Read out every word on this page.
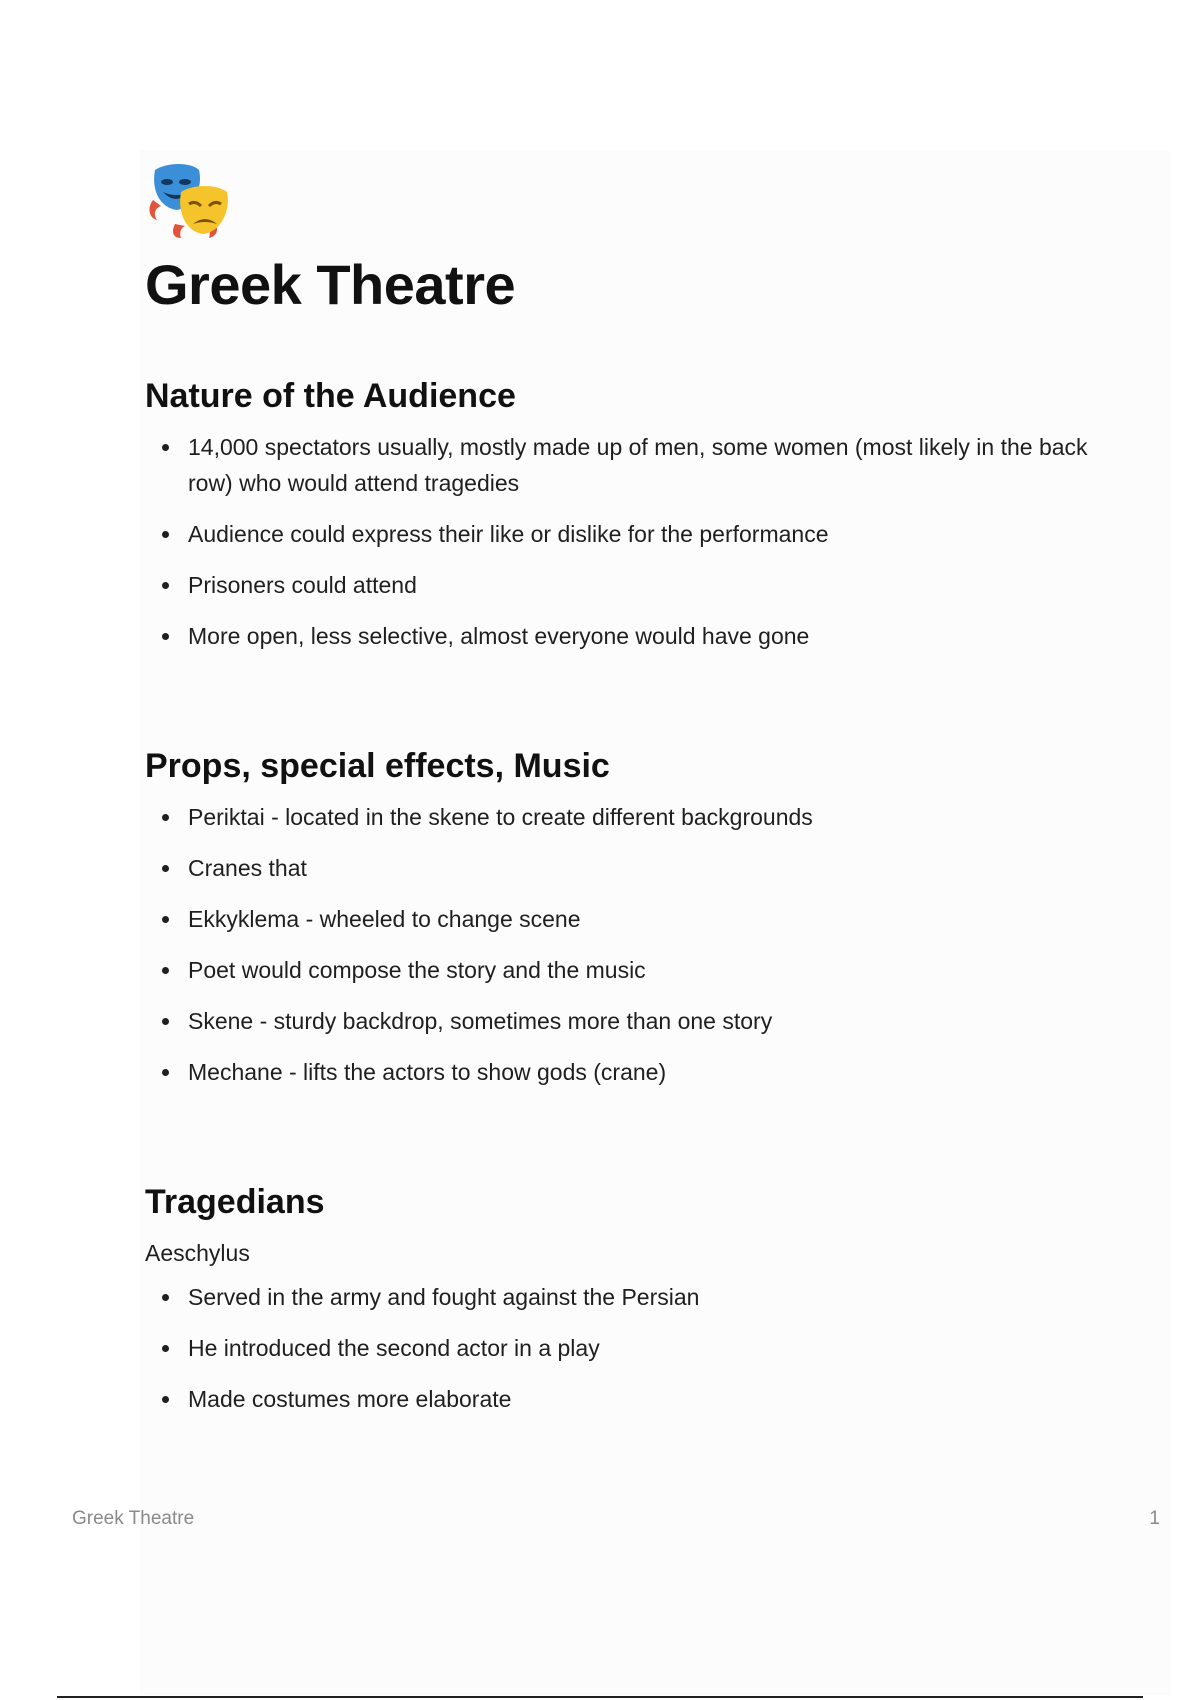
Greek Theatre
Nature of the Audience
14,000 spectators usually, mostly made up of men, some women (most likely in the back row) who would attend tragedies
Audience could express their like or dislike for the performance
Prisoners could attend
More open, less selective, almost everyone would have gone
Props, special effects, Music
Periktai - located in the skene to create different backgrounds
Cranes that
Ekkyklema - wheeled to change scene
Poet would compose the story and the music
Skene - sturdy backdrop, sometimes more than one story
Mechane - lifts the actors to show gods (crane)
Tragedians

Aeschylus

Served in the army and fought against the Persian
He introduced the second actor in a play
Made costumes more elaborate
Greek Theatre	1
